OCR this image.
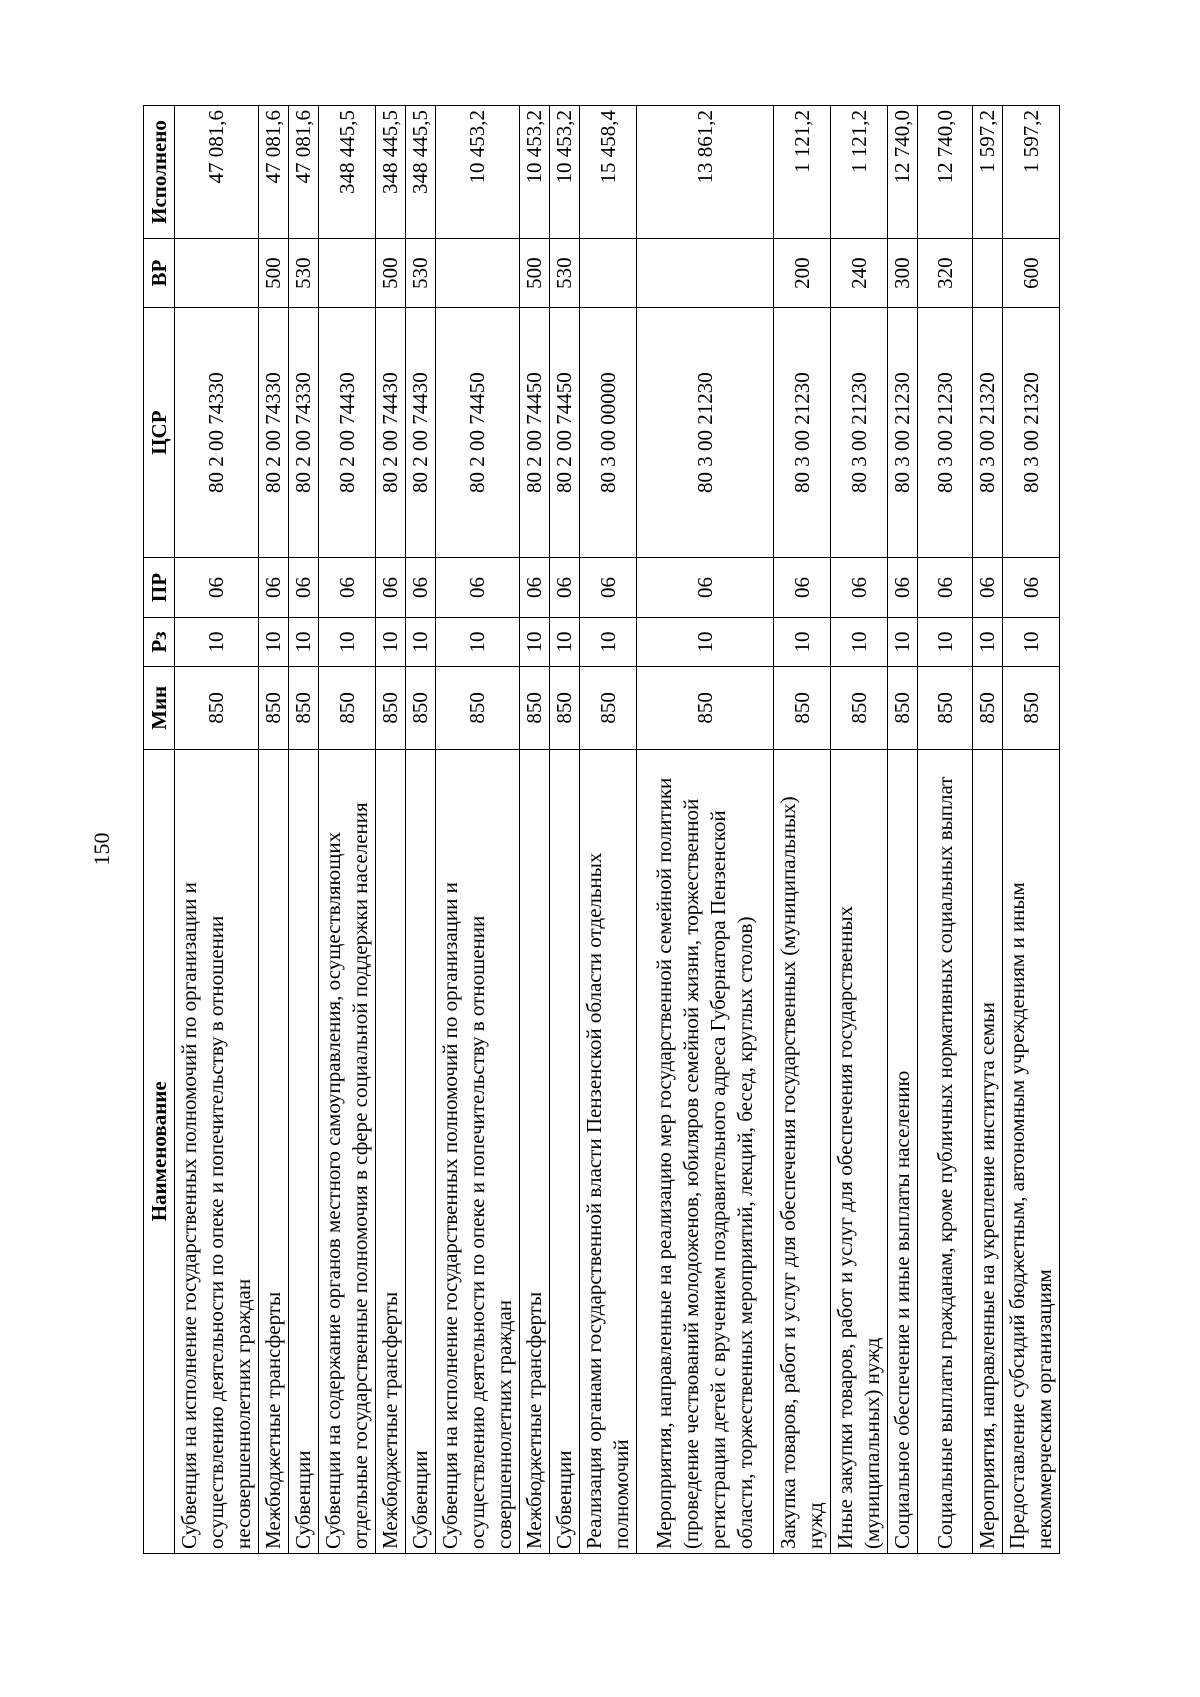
150
Наименование	Мин	Рз	ПР	ЦСР	ВР	Исполнено
Субвенция на исполнение государственных полномочий по организации и осуществлению деятельности по опеке и попечительству в отношении несовершеннолетних граждан	850	10	06	80 2 00 74330		47 081,6
Межбюджетные трансферты	850	10	06	80 2 00 74330	500	47 081,6
Субвенции	850	10	06	80 2 00 74330	530	47 081,6
Субвенции на содержание органов местного самоуправления, осуществляющих отдельные государственные полномочия в сфере социальной поддержки населения	850	10	06	80 2 00 74430		348 445,5
Межбюджетные трансферты	850	10	06	80 2 00 74430	500	348 445,5
Субвенции	850	10	06	80 2 00 74430	530	348 445,5
Субвенция на исполнение государственных полномочий по организации и осуществлению деятельности по опеке и попечительству в отношении совершеннолетних граждан	850	10	06	80 2 00 74450		10 453,2
Межбюджетные трансферты	850	10	06	80 2 00 74450	500	10 453,2
Субвенции	850	10	06	80 2 00 74450	530	10 453,2
Реализация органами государственной власти Пензенской области отдельных полномочий	850	10	06	80 3 00 00000		15 458,4
Мероприятия, направленные на реализацию мер государственной семейной политики (проведение чествований молодоженов, юбиляров семейной жизни, торжественной регистрации детей с вручением поздравительного адреса Губернатора Пензенской области, торжественных мероприятий, лекций, бесед, круглых столов)	850	10	06	80 3 00 21230		13 861,2
Закупка товаров, работ и услуг для обеспечения государственных (муниципальных) нужд	850	10	06	80 3 00 21230	200	1 121,2
Иные закупки товаров, работ и услуг для обеспечения государственных (муниципальных) нужд	850	10	06	80 3 00 21230	240	1 121,2
Социальное обеспечение и иные выплаты населению	850	10	06	80 3 00 21230	300	12 740,0
Социальные выплаты гражданам, кроме публичных нормативных социальных выплат	850	10	06	80 3 00 21230	320	12 740,0
Мероприятия, направленные на укрепление института семьи	850	10	06	80 3 00 21320		1 597,2
Предоставление субсидий бюджетным, автономным учреждениям и иным некоммерческим организациям	850	10	06	80 3 00 21320	600	1 597,2
